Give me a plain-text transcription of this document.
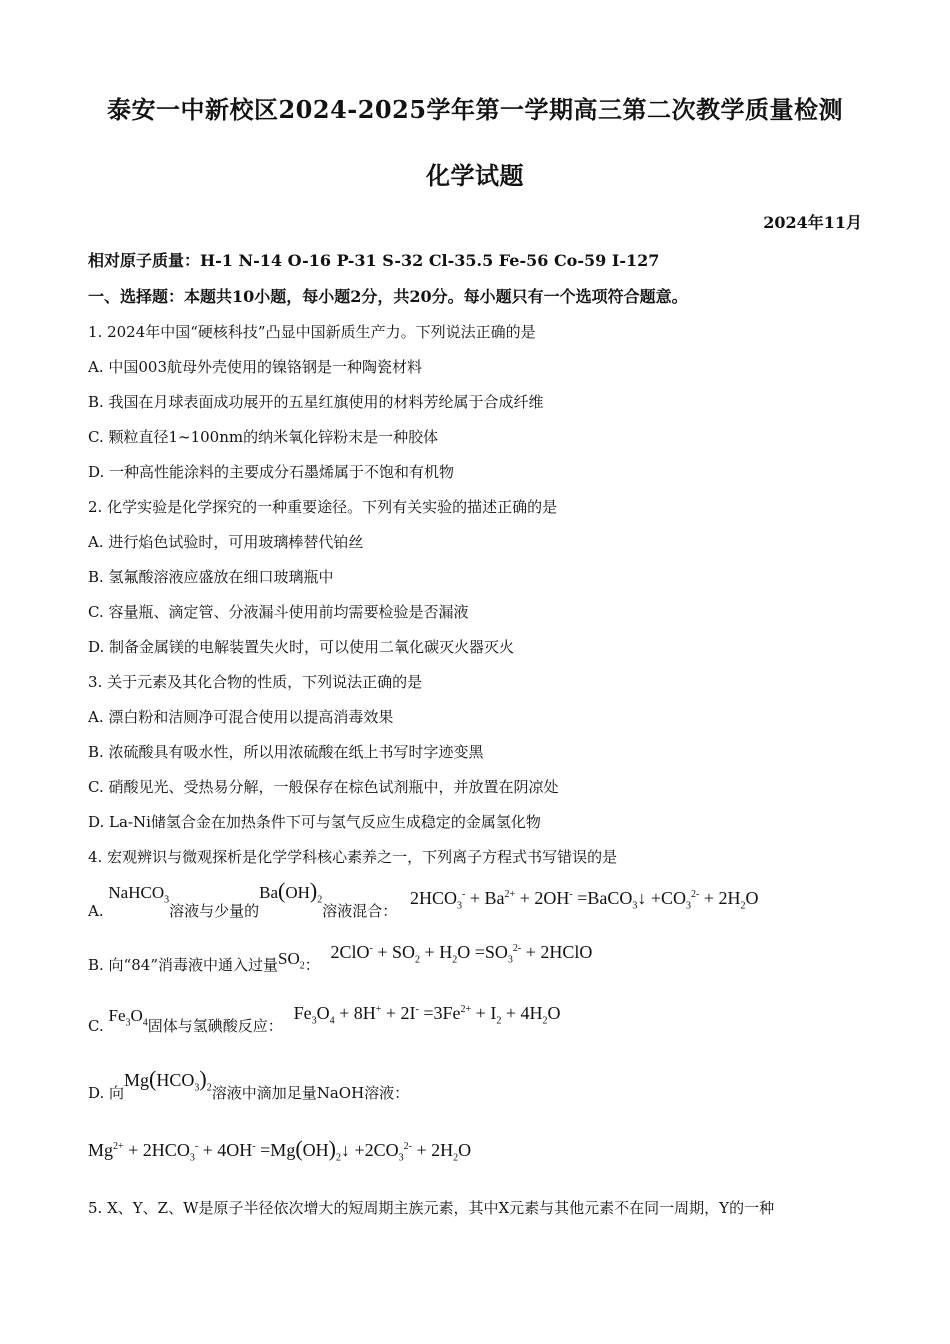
泰安一中新校区2024-2025学年第一学期高三第二次教学质量检测
化学试题
2024年11月
相对原子质量：H-1 N-14 O-16 P-31 S-32 Cl-35.5 Fe-56 Co-59 I-127
一、选择题：本题共10小题，每小题2分，共20分。每小题只有一个选项符合题意。
1. 2024年中国“硬核科技”凸显中国新质生产力。下列说法正确的是
A. 中国003航母外壳使用的镍铬钢是一种陶瓷材料
B. 我国在月球表面成功展开的五星红旗使用的材料芳纶属于合成纤维
C. 颗粒直径1~100nm的纳米氧化锌粉末是一种胶体
D. 一种高性能涂料的主要成分石墨烯属于不饱和有机物
2. 化学实验是化学探究的一种重要途径。下列有关实验的描述正确的是
A. 进行焰色试验时，可用玻璃棒替代铂丝
B. 氢氟酸溶液应盛放在细口玻璃瓶中
C. 容量瓶、滴定管、分液漏斗使用前均需要检验是否漏液
D. 制备金属镁的电解装置失火时，可以使用二氧化碳灭火器灭火
3. 关于元素及其化合物的性质，下列说法正确的是
A. 漂白粉和洁厕净可混合使用以提高消毒效果
B. 浓硫酸具有吸水性，所以用浓硫酸在纸上书写时字迹变黑
C. 硝酸见光、受热易分解，一般保存在棕色试剂瓶中，并放置在阴凉处
D. La-Ni储氢合金在加热条件下可与氢气反应生成稳定的金属氢化物
4. 宏观辨识与微观探析是化学学科核心素养之一，下列离子方程式书写错误的是
A. NaHCO$_3$溶液与少量的$Ba(OH)_2$溶液混合： $2HCO_3^- + Ba^{2+} + 2OH^-$ =BaCO$_3$↓ $+CO_3^{2-} + 2H_2O$
B. 向“84”消毒液中通入过量$SO_2$： $2ClO^- + SO_2 + H_2O =SO_3^{2-}$ + 2HClO
C. $Fe_3O_4$固体与氢碘酸反应： $Fe_3O_4 + 8H^+ + 2I^- =3Fe^{2+} + I_2 + 4H_2O$
D. 向$Mg(HCO_3)_2$溶液中滴加足量NaOH溶液：
$Mg^{2+} + 2HCO_3^- + 4OH^-$ $=Mg(OH)_2↓ +2CO_3^{2-} + 2H_2O$
5. X、Y、Z、W是原子半径依次增大的短周期主族元素，其中X元素与其他元素不在同一周期，Y的一种
